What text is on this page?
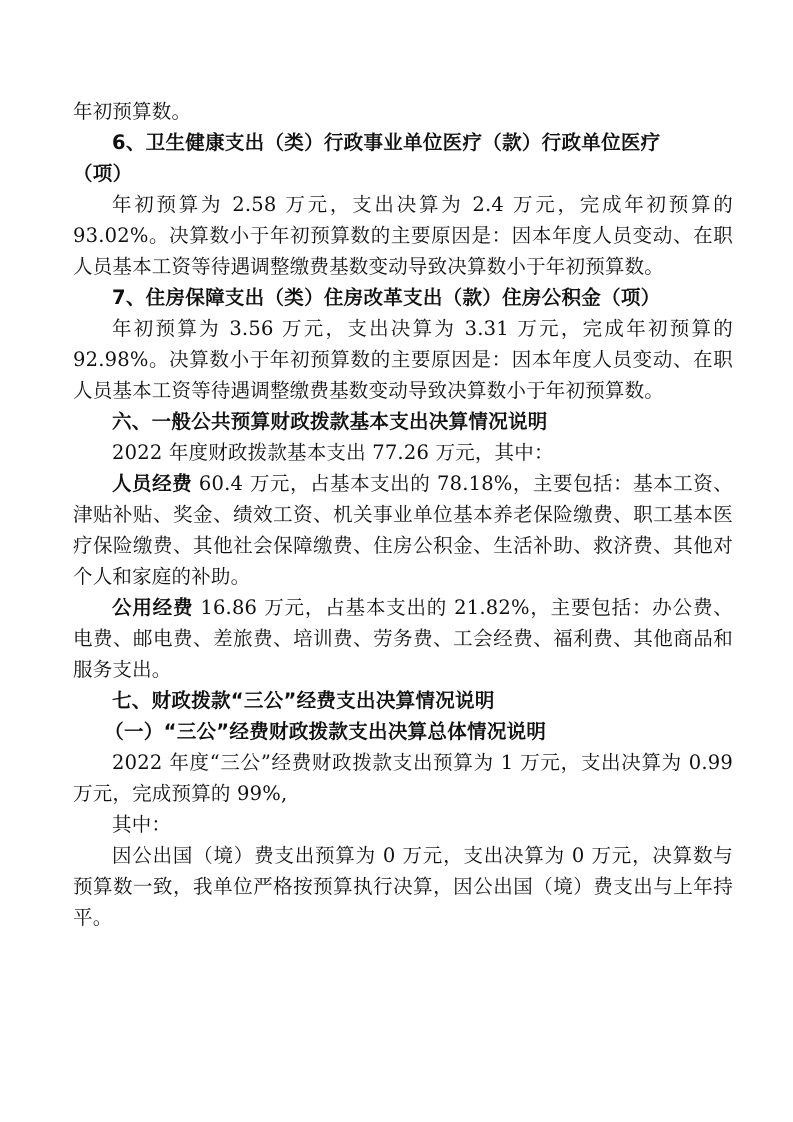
年初预算数。

6、卫生健康支出（类）行政事业单位医疗（款）行政单位医疗
（项）

年初预算为 2.58 万元，支出决算为 2.4 万元，完成年初预算的 93.02%。决算数小于年初预算数的主要原因是：因本年度人员变动、在职人员基本工资等待遇调整缴费基数变动导致决算数小于年初预算数。

7、住房保障支出（类）住房改革支出（款）住房公积金（项）

年初预算为 3.56 万元，支出决算为 3.31 万元，完成年初预算的 92.98%。决算数小于年初预算数的主要原因是：因本年度人员变动、在职人员基本工资等待遇调整缴费基数变动导致决算数小于年初预算数。

六、一般公共预算财政拨款基本支出决算情况说明

2022 年度财政拨款基本支出 77.26 万元，其中：

人员经费 60.4 万元，占基本支出的 78.18%，主要包括：基本工资、津贴补贴、奖金、绩效工资、机关事业单位基本养老保险缴费、职工基本医疗保险缴费、其他社会保障缴费、住房公积金、生活补助、救济费、其他对个人和家庭的补助。

公用经费 16.86 万元，占基本支出的 21.82%，主要包括：办公费、电费、邮电费、差旅费、培训费、劳务费、工会经费、福利费、其他商品和服务支出。

七、财政拨款“三公”经费支出决算情况说明
（一）“三公”经费财政拨款支出决算总体情况说明

2022 年度“三公”经费财政拨款支出预算为 1 万元，支出决算为 0.99 万元，完成预算的 99%,

其中：

因公出国（境）费支出预算为 0 万元，支出决算为 0 万元，决算数与预算数一致，我单位严格按预算执行决算，因公出国（境）费支出与上年持平。
